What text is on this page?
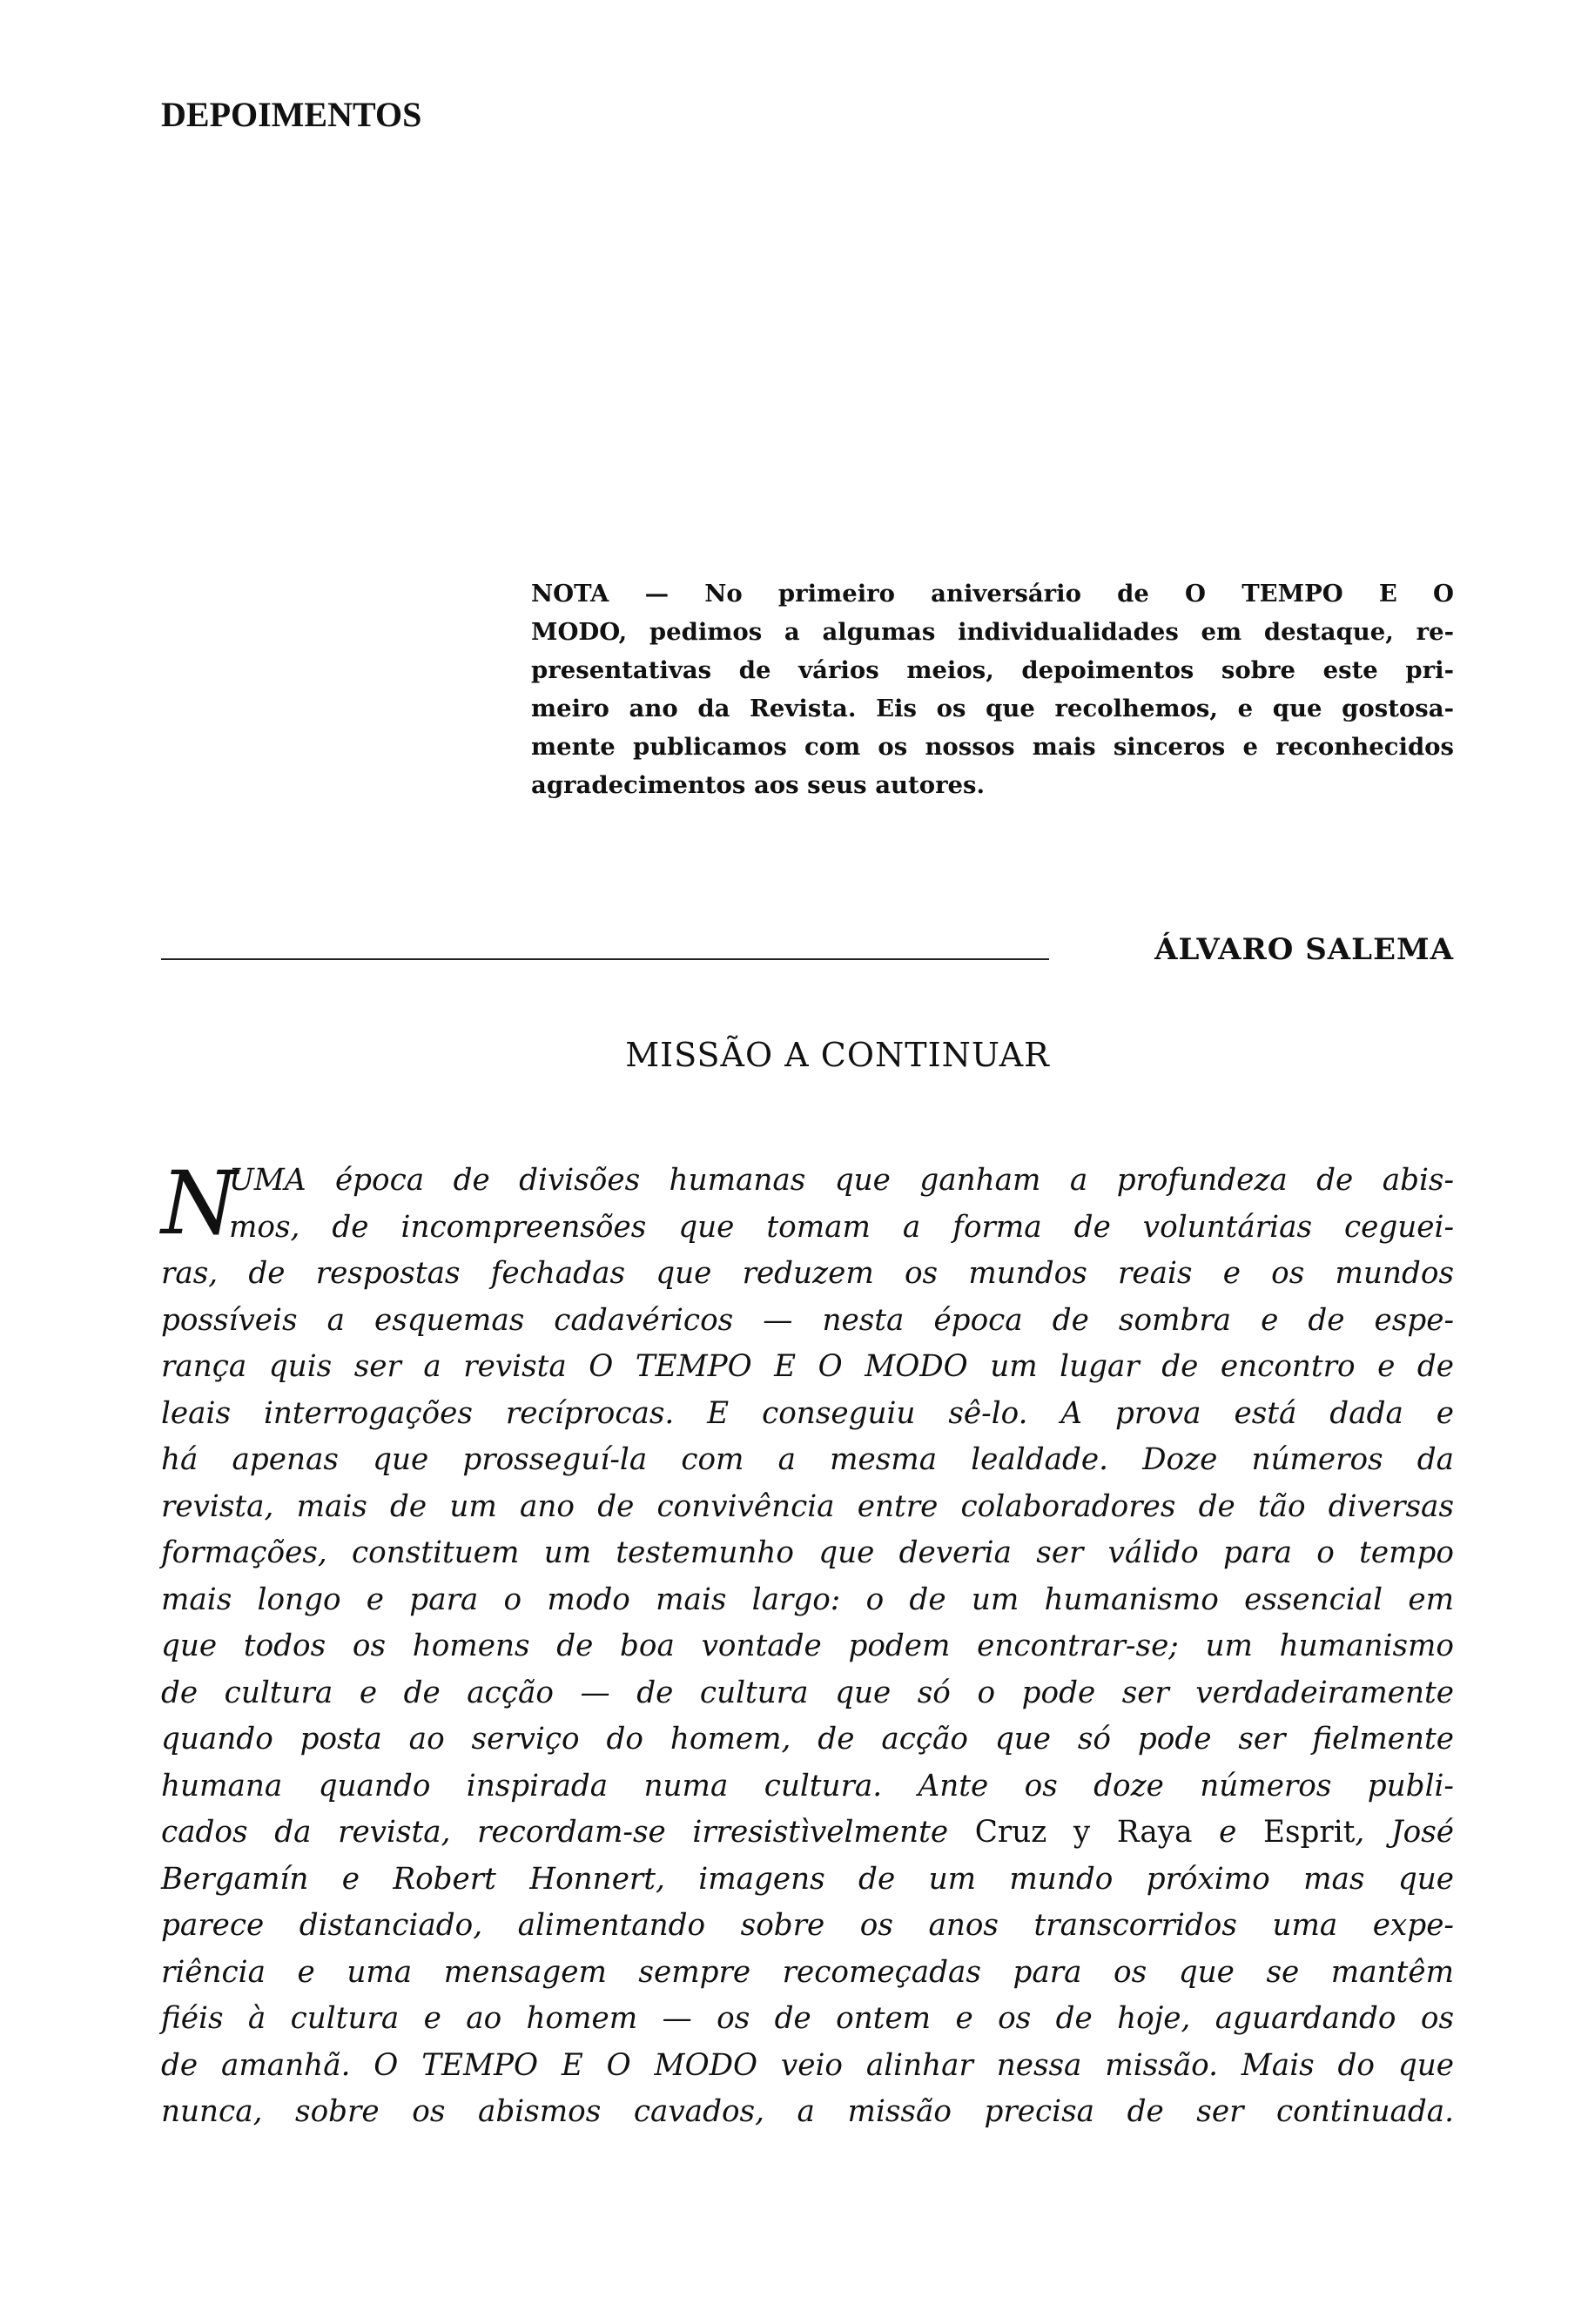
DEPOIMENTOS
NOTA — No primeiro aniversário de O TEMPO E O
MODO, pedimos a algumas individualidades em destaque, re-
presentativas de vários meios, depoimentos sobre este pri-
meiro ano da Revista. Eis os que recolhemos, e que gostosa-
mente publicamos com os nossos mais sinceros e reconhecidos
agradecimentos aos seus autores.
ÁLVARO SALEMA
MISSÃO A CONTINUAR
N
UMA época de divisões humanas que ganham a profundeza de abis-
mos, de incompreensões que tomam a forma de voluntárias ceguei-
ras, de respostas fechadas que reduzem os mundos reais e os mundos
possíveis a esquemas cadavéricos — nesta época de sombra e de espe-
rança quis ser a revista O TEMPO E O MODO um lugar de encontro e de
leais interrogações recíprocas. E conseguiu sê-lo. A prova está dada e
há apenas que prosseguí-la com a mesma lealdade. Doze números da
revista, mais de um ano de convivência entre colaboradores de tão diversas
formações, constituem um testemunho que deveria ser válido para o tempo
mais longo e para o modo mais largo: o de um humanismo essencial em
que todos os homens de boa vontade podem encontrar-se; um humanismo
de cultura e de acção — de cultura que só o pode ser verdadeiramente
quando posta ao serviço do homem, de acção que só pode ser fielmente
humana quando inspirada numa cultura. Ante os doze números publi-
cados da revista, recordam-se irresistìvelmente Cruz y Raya e Esprit, José
Bergamín e Robert Honnert, imagens de um mundo próximo mas que
parece distanciado, alimentando sobre os anos transcorridos uma expe-
riência e uma mensagem sempre recomeçadas para os que se mantêm
fiéis à cultura e ao homem — os de ontem e os de hoje, aguardando os
de amanhã. O TEMPO E O MODO veio alinhar nessa missão. Mais do que
nunca, sobre os abismos cavados, a missão precisa de ser continuada.
